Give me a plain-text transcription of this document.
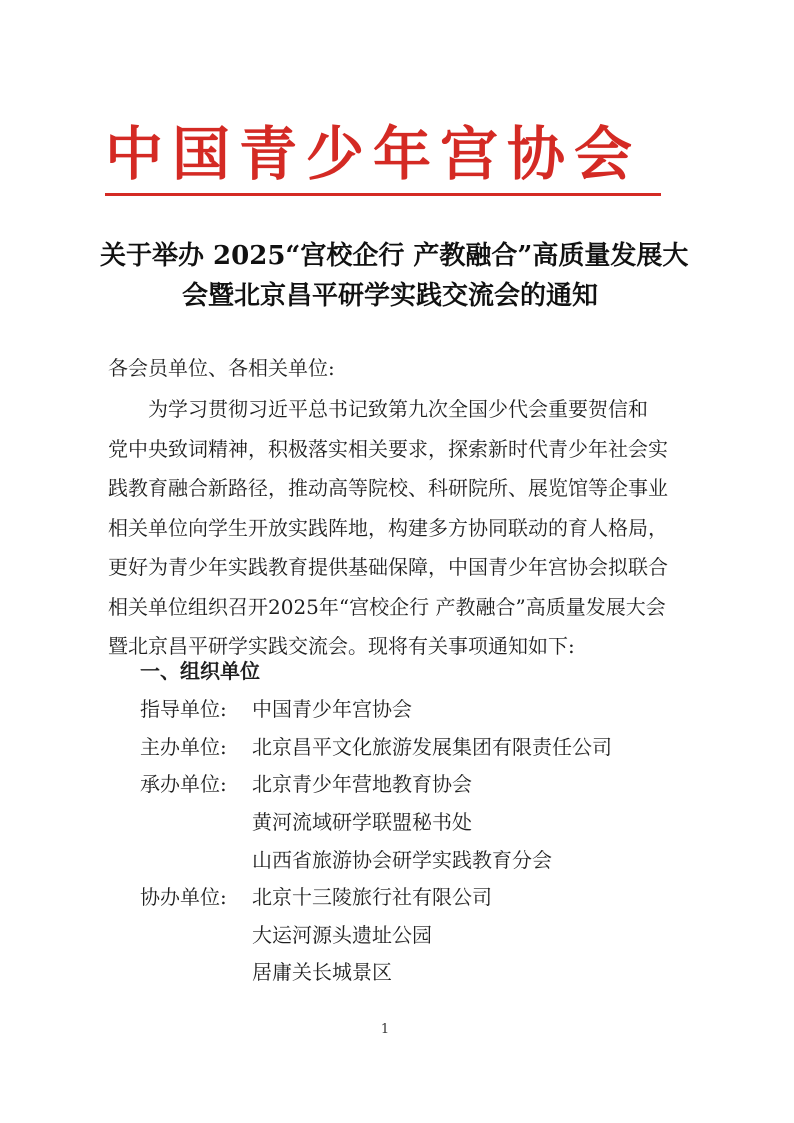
中国青少年宫协会
关于举办 2025“宫校企行 产教融合”高质量发展大
会暨北京昌平研学实践交流会的通知
各会员单位、各相关单位:
为学习贯彻习近平总书记致第九次全国少代会重要贺信和
党中央致词精神，积极落实相关要求，探索新时代青少年社会实
践教育融合新路径，推动高等院校、科研院所、展览馆等企事业
相关单位向学生开放实践阵地，构建多方协同联动的育人格局，
更好为青少年实践教育提供基础保障，中国青少年宫协会拟联合
相关单位组织召开2025年“宫校企行 产教融合”高质量发展大会
暨北京昌平研学实践交流会。现将有关事项通知如下:
一、组织单位
指导单位: 中国青少年宫协会
主办单位: 北京昌平文化旅游发展集团有限责任公司
承办单位: 北京青少年营地教育协会
黄河流域研学联盟秘书处
山西省旅游协会研学实践教育分会
协办单位: 北京十三陵旅行社有限公司
大运河源头遗址公园
居庸关长城景区
1
